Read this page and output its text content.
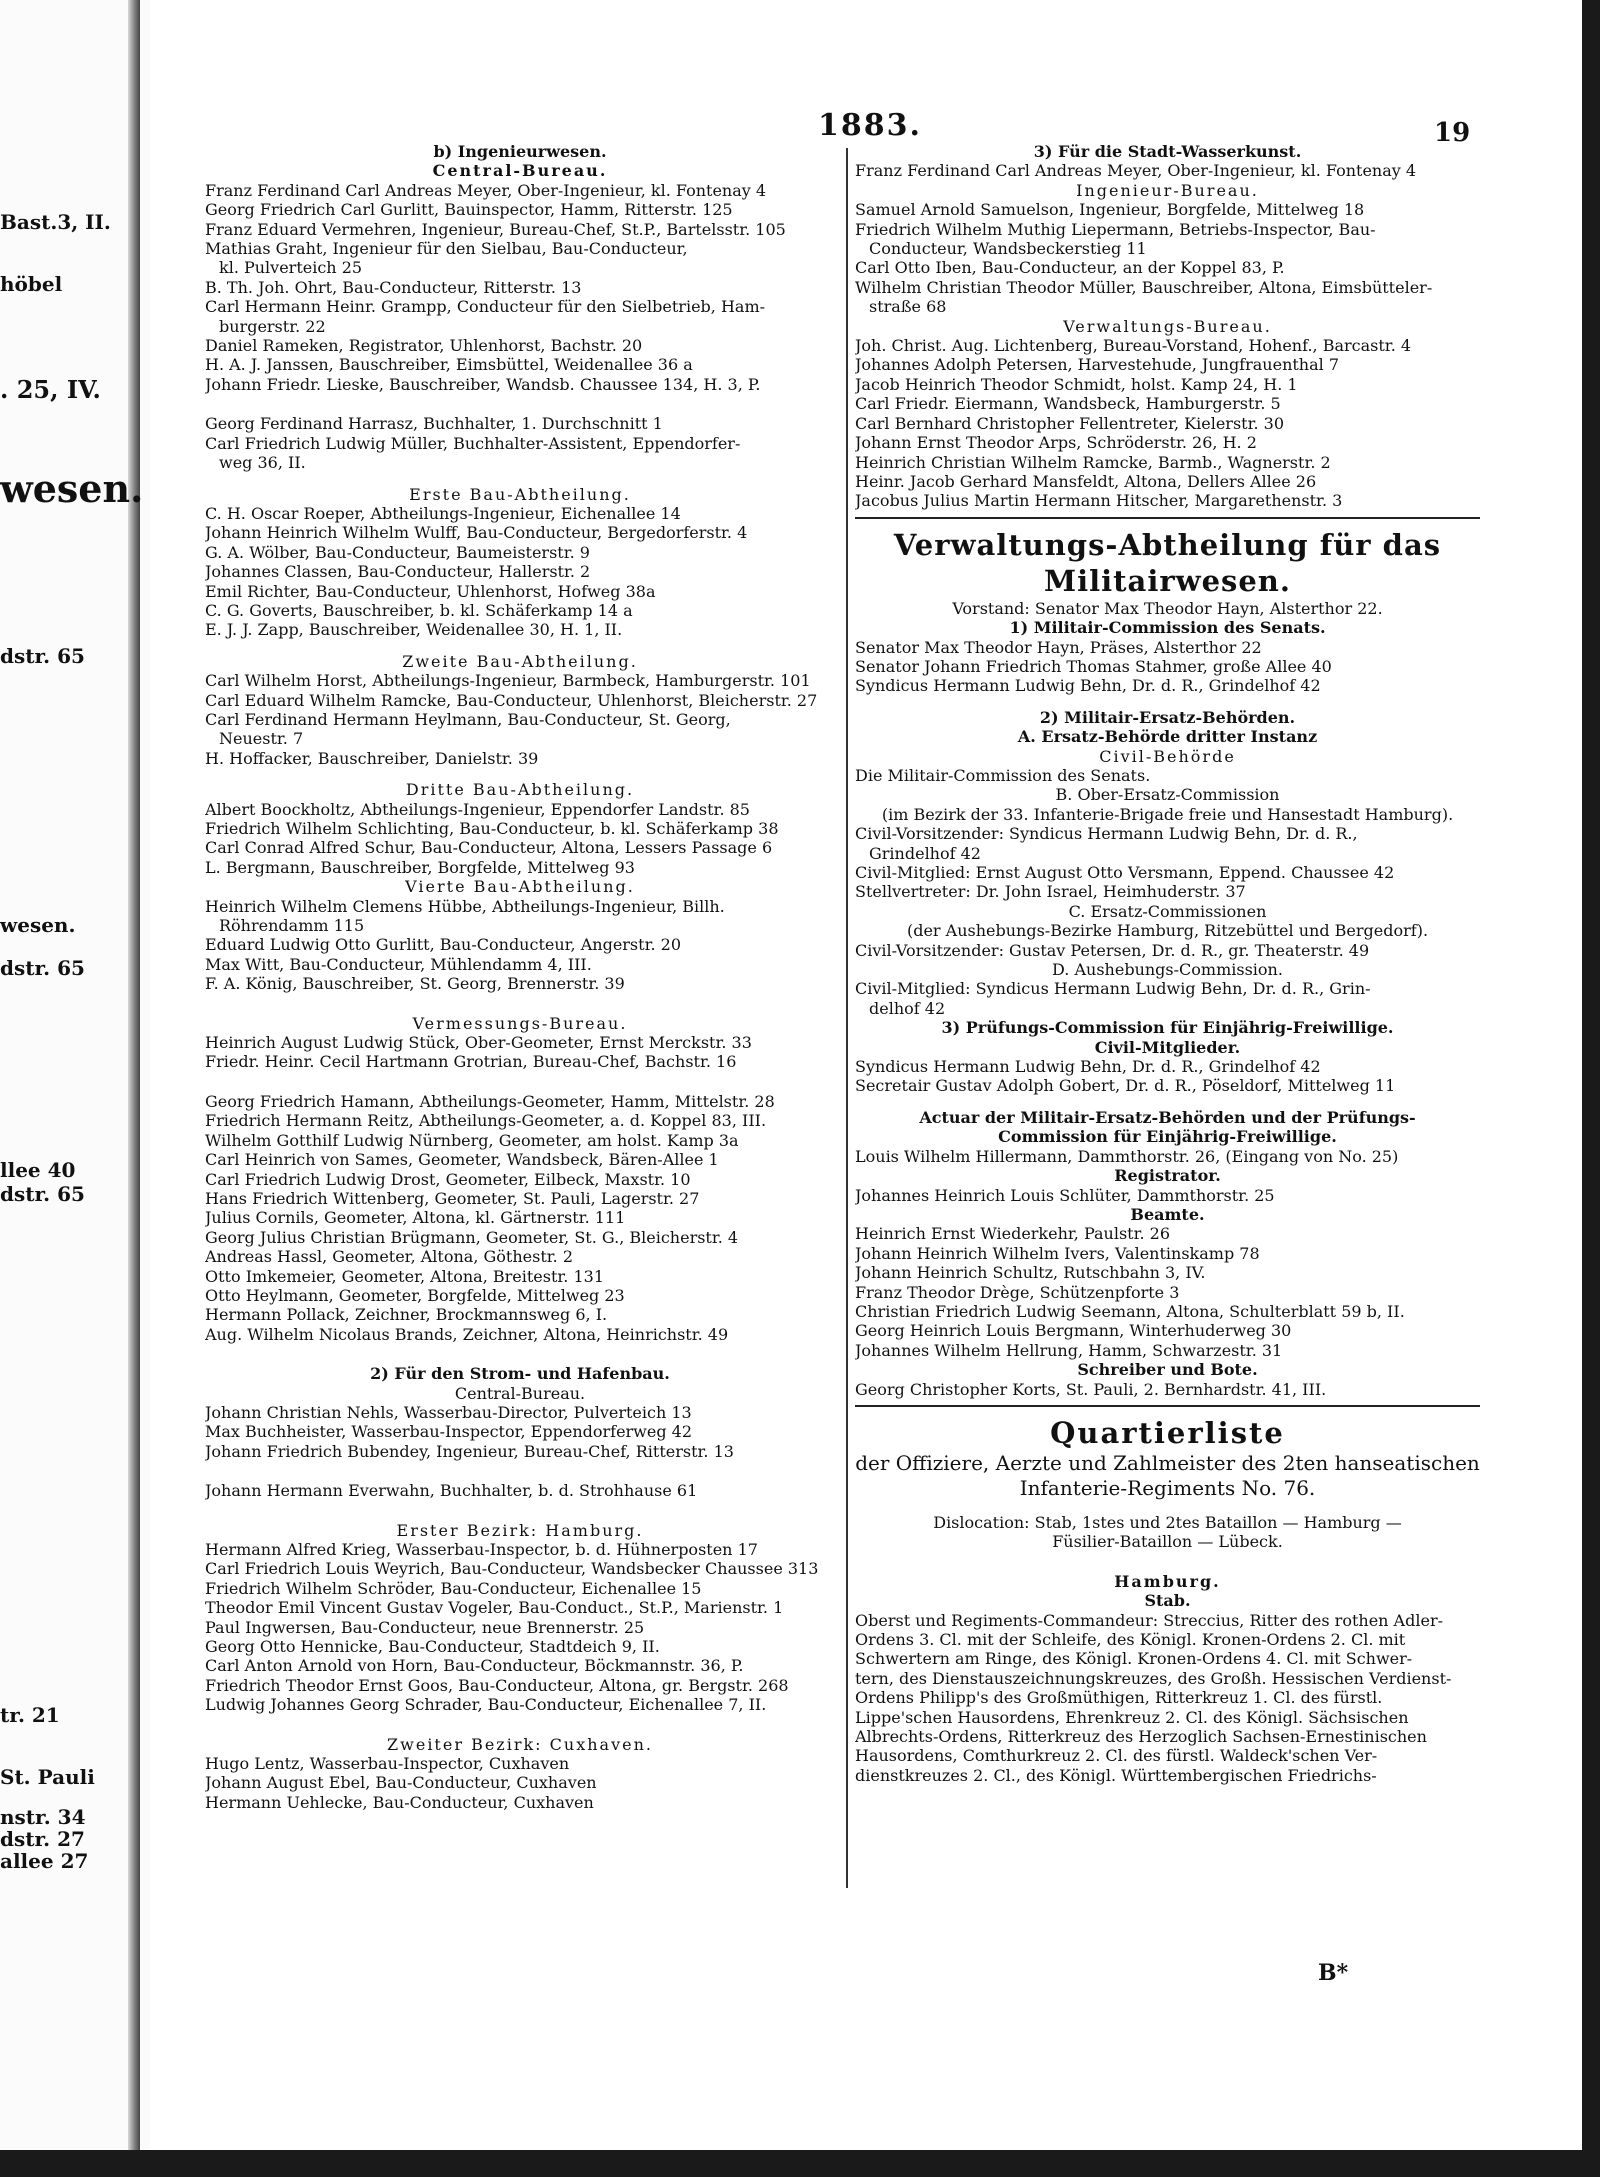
Bast.3, II.
höbel
. 25, IV.
wesen.
dstr. 65
wesen.
dstr. 65
llee 40
dstr. 65
tr. 21
St. Pauli
nstr. 34
dstr. 27
allee 27
1883.	19
b) Ingenieurwesen.
Central-Bureau.
Franz Ferdinand Carl Andreas Meyer, Ober-Ingenieur, kl. Fontenay 4
Georg Friedrich Carl Gurlitt, Bauinspector, Hamm, Ritterstr. 125
Franz Eduard Vermehren, Ingenieur, Bureau-Chef, St.P., Bartelsstr. 105
Mathias Graht, Ingenieur für den Sielbau, Bau-Conducteur,
kl. Pulverteich 25
B. Th. Joh. Ohrt, Bau-Conducteur, Ritterstr. 13
Carl Hermann Heinr. Grampp, Conducteur für den Sielbetrieb, Ham-
burgerstr. 22
Daniel Rameken, Registrator, Uhlenhorst, Bachstr. 20
H. A. J. Janssen, Bauschreiber, Eimsbüttel, Weidenallee 36 a
Johann Friedr. Lieske, Bauschreiber, Wandsb. Chaussee 134, H. 3, P.
Georg Ferdinand Harrasz, Buchhalter, 1. Durchschnitt 1
Carl Friedrich Ludwig Müller, Buchhalter-Assistent, Eppendorfer-
weg 36, II.
Erste Bau-Abtheilung.
C. H. Oscar Roeper, Abtheilungs-Ingenieur, Eichenallee 14
Johann Heinrich Wilhelm Wulff, Bau-Conducteur, Bergedorferstr. 4
G. A. Wölber, Bau-Conducteur, Baumeisterstr. 9
Johannes Classen, Bau-Conducteur, Hallerstr. 2
Emil Richter, Bau-Conducteur, Uhlenhorst, Hofweg 38a
C. G. Goverts, Bauschreiber, b. kl. Schäferkamp 14 a
E. J. J. Zapp, Bauschreiber, Weidenallee 30, H. 1, II.
Zweite Bau-Abtheilung.
Carl Wilhelm Horst, Abtheilungs-Ingenieur, Barmbeck, Hamburgerstr. 101
Carl Eduard Wilhelm Ramcke, Bau-Conducteur, Uhlenhorst, Bleicherstr. 27
Carl Ferdinand Hermann Heylmann, Bau-Conducteur, St. Georg,
Neuestr. 7
H. Hoffacker, Bauschreiber, Danielstr. 39
Dritte Bau-Abtheilung.
Albert Boockholtz, Abtheilungs-Ingenieur, Eppendorfer Landstr. 85
Friedrich Wilhelm Schlichting, Bau-Conducteur, b. kl. Schäferkamp 38
Carl Conrad Alfred Schur, Bau-Conducteur, Altona, Lessers Passage 6
L. Bergmann, Bauschreiber, Borgfelde, Mittelweg 93
Vierte Bau-Abtheilung.
Heinrich Wilhelm Clemens Hübbe, Abtheilungs-Ingenieur, Billh.
Röhrendamm 115
Eduard Ludwig Otto Gurlitt, Bau-Conducteur, Angerstr. 20
Max Witt, Bau-Conducteur, Mühlendamm 4, III.
F. A. König, Bauschreiber, St. Georg, Brennerstr. 39
Vermessungs-Bureau.
Heinrich August Ludwig Stück, Ober-Geometer, Ernst Merckstr. 33
Friedr. Heinr. Cecil Hartmann Grotrian, Bureau-Chef, Bachstr. 16
Georg Friedrich Hamann, Abtheilungs-Geometer, Hamm, Mittelstr. 28
Friedrich Hermann Reitz, Abtheilungs-Geometer, a. d. Koppel 83, III.
Wilhelm Gotthilf Ludwig Nürnberg, Geometer, am holst. Kamp 3a
Carl Heinrich von Sames, Geometer, Wandsbeck, Bären-Allee 1
Carl Friedrich Ludwig Drost, Geometer, Eilbeck, Maxstr. 10
Hans Friedrich Wittenberg, Geometer, St. Pauli, Lagerstr. 27
Julius Cornils, Geometer, Altona, kl. Gärtnerstr. 111
Georg Julius Christian Brügmann, Geometer, St. G., Bleicherstr. 4
Andreas Hassl, Geometer, Altona, Göthestr. 2
Otto Imkemeier, Geometer, Altona, Breitestr. 131
Otto Heylmann, Geometer, Borgfelde, Mittelweg 23
Hermann Pollack, Zeichner, Brockmannsweg 6, I.
Aug. Wilhelm Nicolaus Brands, Zeichner, Altona, Heinrichstr. 49
2) Für den Strom- und Hafenbau.
Central-Bureau.
Johann Christian Nehls, Wasserbau-Director, Pulverteich 13
Max Buchheister, Wasserbau-Inspector, Eppendorferweg 42
Johann Friedrich Bubendey, Ingenieur, Bureau-Chef, Ritterstr. 13
Johann Hermann Everwahn, Buchhalter, b. d. Strohhause 61
Erster Bezirk: Hamburg.
Hermann Alfred Krieg, Wasserbau-Inspector, b. d. Hühnerposten 17
Carl Friedrich Louis Weyrich, Bau-Conducteur, Wandsbecker Chaussee 313
Friedrich Wilhelm Schröder, Bau-Conducteur, Eichenallee 15
Theodor Emil Vincent Gustav Vogeler, Bau-Conduct., St.P., Marienstr. 1
Paul Ingwersen, Bau-Conducteur, neue Brennerstr. 25
Georg Otto Hennicke, Bau-Conducteur, Stadtdeich 9, II.
Carl Anton Arnold von Horn, Bau-Conducteur, Böckmannstr. 36, P.
Friedrich Theodor Ernst Goos, Bau-Conducteur, Altona, gr. Bergstr. 268
Ludwig Johannes Georg Schrader, Bau-Conducteur, Eichenallee 7, II.
Zweiter Bezirk: Cuxhaven.
Hugo Lentz, Wasserbau-Inspector, Cuxhaven
Johann August Ebel, Bau-Conducteur, Cuxhaven
Hermann Uehlecke, Bau-Conducteur, Cuxhaven
3) Für die Stadt-Wasserkunst.
Franz Ferdinand Carl Andreas Meyer, Ober-Ingenieur, kl. Fontenay 4
Ingenieur-Bureau.
Samuel Arnold Samuelson, Ingenieur, Borgfelde, Mittelweg 18
Friedrich Wilhelm Muthig Liepermann, Betriebs-Inspector, Bau-
Conducteur, Wandsbeckerstieg 11
Carl Otto Iben, Bau-Conducteur, an der Koppel 83, P.
Wilhelm Christian Theodor Müller, Bauschreiber, Altona, Eimsbütteler-
straße 68
Verwaltungs-Bureau.
Joh. Christ. Aug. Lichtenberg, Bureau-Vorstand, Hohenf., Barcastr. 4
Johannes Adolph Petersen, Harvestehude, Jungfrauenthal 7
Jacob Heinrich Theodor Schmidt, holst. Kamp 24, H. 1
Carl Friedr. Eiermann, Wandsbeck, Hamburgerstr. 5
Carl Bernhard Christopher Fellentreter, Kielerstr. 30
Johann Ernst Theodor Arps, Schröderstr. 26, H. 2
Heinrich Christian Wilhelm Ramcke, Barmb., Wagnerstr. 2
Heinr. Jacob Gerhard Mansfeldt, Altona, Dellers Allee 26
Jacobus Julius Martin Hermann Hitscher, Margarethenstr. 3
Verwaltungs-Abtheilung für das
Militairwesen.
Vorstand: Senator Max Theodor Hayn, Alsterthor 22.
1) Militair-Commission des Senats.
Senator Max Theodor Hayn, Präses, Alsterthor 22
Senator Johann Friedrich Thomas Stahmer, große Allee 40
Syndicus Hermann Ludwig Behn, Dr. d. R., Grindelhof 42
2) Militair-Ersatz-Behörden.
A. Ersatz-Behörde dritter Instanz
Civil-Behörde
Die Militair-Commission des Senats.
B. Ober-Ersatz-Commission
(im Bezirk der 33. Infanterie-Brigade freie und Hansestadt Hamburg).
Civil-Vorsitzender: Syndicus Hermann Ludwig Behn, Dr. d. R.,
Grindelhof 42
Civil-Mitglied: Ernst August Otto Versmann, Eppend. Chaussee 42
Stellvertreter: Dr. John Israel, Heimhuderstr. 37
C. Ersatz-Commissionen
(der Aushebungs-Bezirke Hamburg, Ritzebüttel und Bergedorf).
Civil-Vorsitzender: Gustav Petersen, Dr. d. R., gr. Theaterstr. 49
D. Aushebungs-Commission.
Civil-Mitglied: Syndicus Hermann Ludwig Behn, Dr. d. R., Grin-
delhof 42
3) Prüfungs-Commission für Einjährig-Freiwillige.
Civil-Mitglieder.
Syndicus Hermann Ludwig Behn, Dr. d. R., Grindelhof 42
Secretair Gustav Adolph Gobert, Dr. d. R., Pöseldorf, Mittelweg 11
Actuar der Militair-Ersatz-Behörden und der Prüfungs-
Commission für Einjährig-Freiwillige.
Louis Wilhelm Hillermann, Dammthorstr. 26, (Eingang von No. 25)
Registrator.
Johannes Heinrich Louis Schlüter, Dammthorstr. 25
Beamte.
Heinrich Ernst Wiederkehr, Paulstr. 26
Johann Heinrich Wilhelm Ivers, Valentinskamp 78
Johann Heinrich Schultz, Rutschbahn 3, IV.
Franz Theodor Drège, Schützenpforte 3
Christian Friedrich Ludwig Seemann, Altona, Schulterblatt 59 b, II.
Georg Heinrich Louis Bergmann, Winterhuderweg 30
Johannes Wilhelm Hellrung, Hamm, Schwarzestr. 31
Schreiber und Bote.
Georg Christopher Korts, St. Pauli, 2. Bernhardstr. 41, III.
Quartierliste
der Offiziere, Aerzte und Zahlmeister des 2ten hanseatischen
Infanterie-Regiments No. 76.
Dislocation: Stab, 1stes und 2tes Bataillon — Hamburg —
Füsilier-Bataillon — Lübeck.
Hamburg.
Stab.
Oberst und Regiments-Commandeur: Streccius, Ritter des rothen Adler-
Ordens 3. Cl. mit der Schleife, des Königl. Kronen-Ordens 2. Cl. mit
Schwertern am Ringe, des Königl. Kronen-Ordens 4. Cl. mit Schwer-
tern, des Dienstauszeichnungskreuzes, des Großh. Hessischen Verdienst-
Ordens Philipp's des Großmüthigen, Ritterkreuz 1. Cl. des fürstl.
Lippe'schen Hausordens, Ehrenkreuz 2. Cl. des Königl. Sächsischen
Albrechts-Ordens, Ritterkreuz des Herzoglich Sachsen-Ernestinischen
Hausordens, Comthurkreuz 2. Cl. des fürstl. Waldeck'schen Ver-
dienstkreuzes 2. Cl., des Königl. Württembergischen Friedrichs-
B*
